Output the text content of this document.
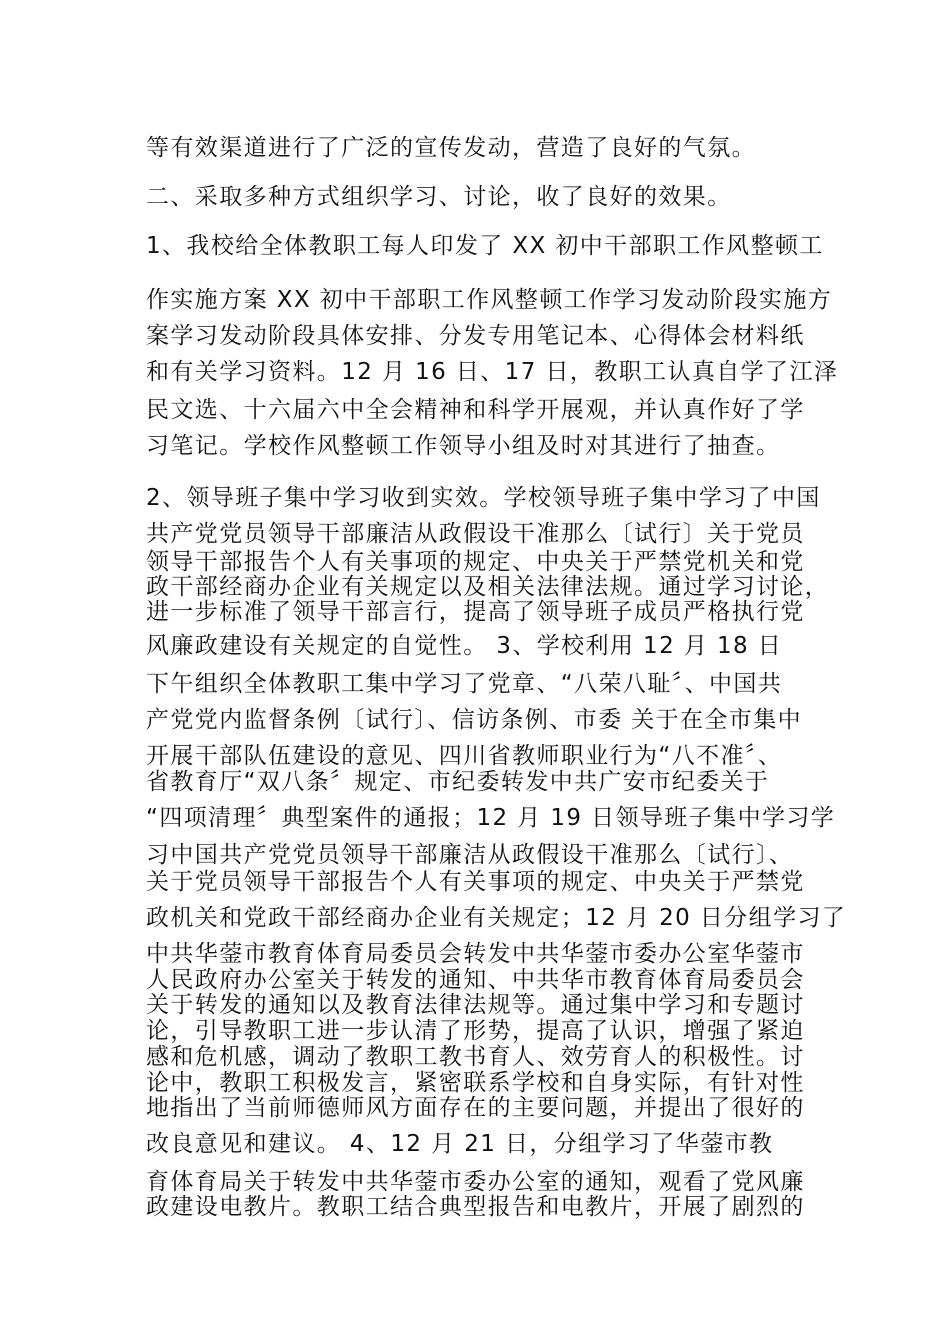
等有效渠道进行了广泛的宣传发动，营造了良好的气氛。
二、采取多种方式组织学习、讨论，收了良好的效果。
1、我校给全体教职工每人印发了 XX 初中干部职工作风整顿工
作实施方案 XX 初中干部职工作风整顿工作学习发动阶段实施方
案学习发动阶段具体安排、分发专用笔记本、心得体会材料纸
和有关学习资料。12 月 16 日、17 日，教职工认真自学了江泽
民文选、十六届六中全会精神和科学开展观，并认真作好了学
习笔记。学校作风整顿工作领导小组及时对其进行了抽查。
2、领导班子集中学习收到实效。学校领导班子集中学习了中国
共产党党员领导干部廉洁从政假设干准那么〔试行〕关于党员
领导干部报告个人有关事项的规定、中央关于严禁党机关和党
政干部经商办企业有关规定以及相关法律法规。通过学习讨论，
进一步标准了领导干部言行，提高了领导班子成员严格执行党
风廉政建设有关规定的自觉性。 3、学校利用 12 月 18 日
下午组织全体教职工集中学习了党章、“八荣八耻〞、中国共
产党党内监督条例〔试行〕、信访条例、市委 关于在全市集中
开展干部队伍建设的意见、四川省教师职业行为“八不准〞、
省教育厅“双八条〞规定、市纪委转发中共广安市纪委关于
“四项清理〞典型案件的通报；12 月 19 日领导班子集中学习学
习中国共产党党员领导干部廉洁从政假设干准那么〔试行〕、
关于党员领导干部报告个人有关事项的规定、中央关于严禁党
政机关和党政干部经商办企业有关规定；12 月 20 日分组学习了
中共华蓥市教育体育局委员会转发中共华蓥市委办公室华蓥市
人民政府办公室关于转发的通知、中共华市教育体育局委员会
关于转发的通知以及教育法律法规等。通过集中学习和专题讨
论，引导教职工进一步认清了形势，提高了认识，增强了紧迫
感和危机感，调动了教职工教书育人、效劳育人的积极性。讨
论中，教职工积极发言，紧密联系学校和自身实际，有针对性
地指出了当前师德师风方面存在的主要问题，并提出了很好的
改良意见和建议。 4、12 月 21 日，分组学习了华蓥市教
育体育局关于转发中共华蓥市委办公室的通知，观看了党风廉
政建设电教片。教职工结合典型报告和电教片，开展了剧烈的
